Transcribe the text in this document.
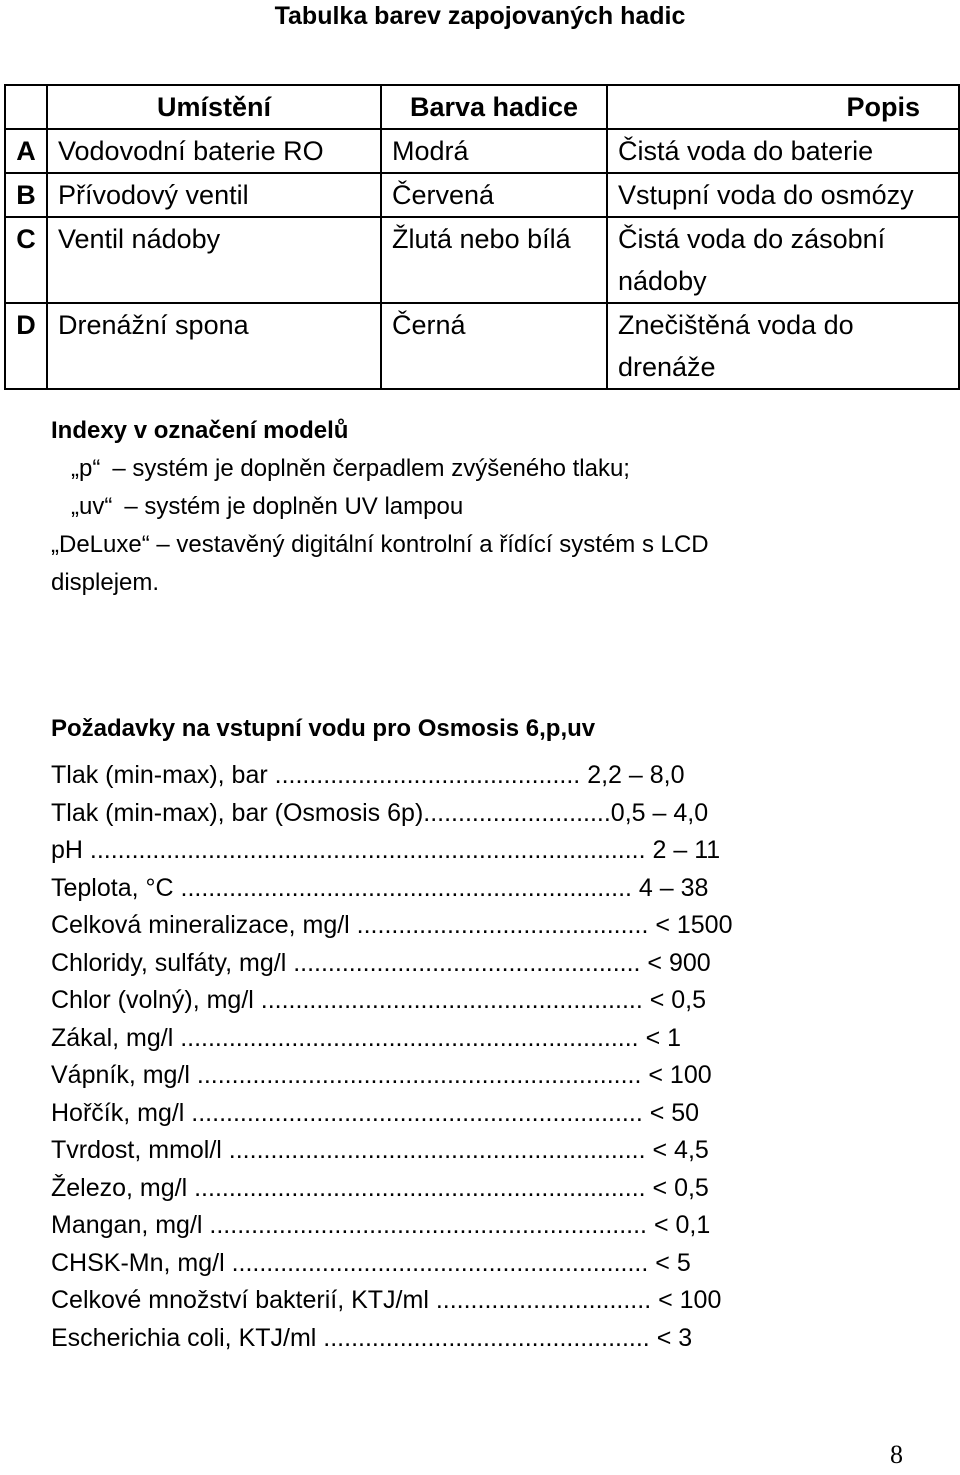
Tabulka barev zapojovaných hadic
	Umístění	Barva hadice	Popis
A	Vodovodní baterie RO	Modrá	Čistá voda do baterie
B	Přívodový ventil	Červená	Vstupní voda do osmózy
C	Ventil nádoby	Žlutá nebo bílá	Čistá voda do zásobní nádoby
D	Drenážní spona	Černá	Znečištěná voda do drenáže
Indexy v označení modelů
„p“ – systém je doplněn čerpadlem zvýšeného tlaku;
„uv“ – systém je doplněn UV lampou
„DeLuxe“ – vestavěný digitální kontrolní a řídící systém s LCD
displejem.
Požadavky na vstupní vodu pro Osmosis 6,p,uv
Tlak (min-max), bar ............................................ 2,2 – 8,0
Tlak (min-max), bar (Osmosis 6p)...........................0,5 – 4,0
pH ................................................................................ 2 – 11
Teplota, °C ................................................................. 4 – 38
Celková mineralizace, mg/l .......................................... < 1500
Chloridy, sulfáty, mg/l .................................................. < 900
Chlor (volný), mg/l ....................................................... < 0,5
Zákal, mg/l .................................................................. < 1
Vápník, mg/l ................................................................ < 100
Hořčík, mg/l ................................................................. < 50
Tvrdost, mmol/l ............................................................ < 4,5
Železo, mg/l ................................................................. < 0,5
Mangan, mg/l ............................................................... < 0,1
CHSK-Mn, mg/l ............................................................ < 5
Celkové množství bakterií, KTJ/ml ............................... < 100
Escherichia coli, KTJ/ml ............................................... < 3
8
